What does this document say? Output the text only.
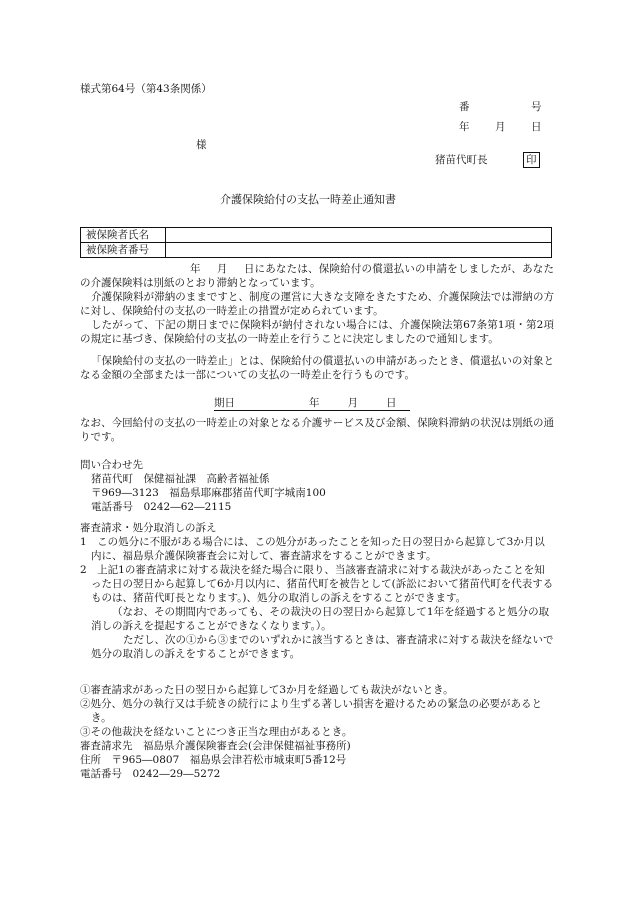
様式第64号（第43条関係）
番	号
年 月 日
様
猪苗代町長	印
介護保険給付の支払一時差止通知書
被保険者氏名	
被保険者番号	
年 月 日にあなたは、保険給付の償還払いの申請をしましたが、あなたの介護保険料は別紙のとおり滞納となっています。
介護保険料が滞納のままですと、制度の運営に大きな支障をきたすため、介護保険法では滞納の方に対し、保険給付の支払の一時差止の措置が定められています。
したがって、下記の期日までに保険料が納付されない場合には、介護保険法第67条第1項・第2項の規定に基づき、保険給付の支払の一時差止を行うことに決定しましたので通知します。
「保険給付の支払の一時差止」とは、保険給付の償還払いの申請があったとき、償還払いの対象となる金額の全部または一部についての支払の一時差止を行うものです。
期日	年	月	日
なお、今回給付の支払の一時差止の対象となる介護サービス及び金額、保険料滞納の状況は別紙の通りです。
問い合わせ先
猪苗代町　保健福祉課　高齢者福祉係
〒969―3123　福島県耶麻郡猪苗代町字城南100
電話番号　0242―62―2115
審査請求・処分取消しの訴え

1　この処分に不服がある場合には、この処分があったことを知った日の翌日から起算して3か月以内に、福島県介護保険審査会に対して、審査請求をすることができます。

2　上記1の審査請求に対する裁決を経た場合に限り、当該審査請求に対する裁決があったことを知った日の翌日から起算して6か月以内に、猪苗代町を被告として(訴訟において猪苗代町を代表するものは、猪苗代町長となります。)、処分の取消しの訴えをすることができます。

（なお、その期間内であっても、その裁決の日の翌日から起算して1年を経過すると処分の取消しの訴えを提起することができなくなります。）。

ただし、次の①から③までのいずれかに該当するときは、審査請求に対する裁決を経ないで処分の取消しの訴えをすることができます。

①審査請求があった日の翌日から起算して3か月を経過しても裁決がないとき。

②処分、処分の執行又は手続きの続行により生ずる著しい損害を避けるための緊急の必要があるとき。

③その他裁決を経ないことにつき正当な理由があるとき。

審査請求先　福島県介護保険審査会(会津保健福祉事務所)

住所　〒965―0807　福島県会津若松市城東町5番12号

電話番号　0242―29―5272
